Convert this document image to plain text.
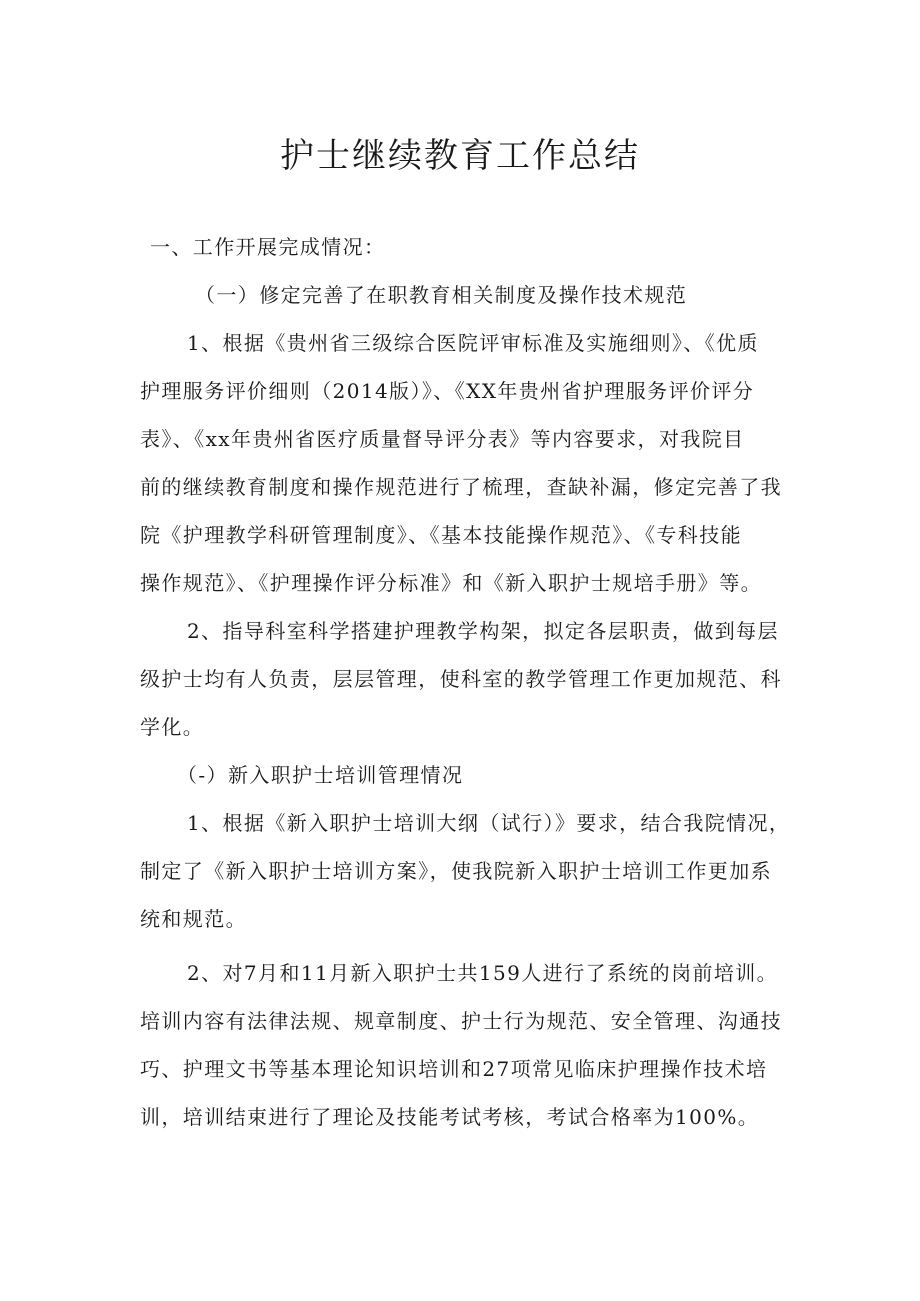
护士继续教育工作总结

一、工作开展完成情况：

（一）修定完善了在职教育相关制度及操作技术规范

1、根据《贵州省三级综合医院评审标准及实施细则》、《优质

护理服务评价细则（2014版）》、《XX年贵州省护理服务评价评分

表》、《xx年贵州省医疗质量督导评分表》等内容要求，对我院目

前的继续教育制度和操作规范进行了梳理，查缺补漏，修定完善了我

院《护理教学科研管理制度》、《基本技能操作规范》、《专科技能

操作规范》、《护理操作评分标准》和《新入职护士规培手册》等。

2、指导科室科学搭建护理教学构架，拟定各层职责，做到每层

级护士均有人负责，层层管理，使科室的教学管理工作更加规范、科

学化。

（-）新入职护士培训管理情况

1、根据《新入职护士培训大纲（试行）》要求，结合我院情况，

制定了《新入职护士培训方案》，使我院新入职护士培训工作更加系

统和规范。

2、对7月和11月新入职护士共159人进行了系统的岗前培训。

培训内容有法律法规、规章制度、护士行为规范、安全管理、沟通技

巧、护理文书等基本理论知识培训和27项常见临床护理操作技术培

训，培训结束进行了理论及技能考试考核，考试合格率为100%。
